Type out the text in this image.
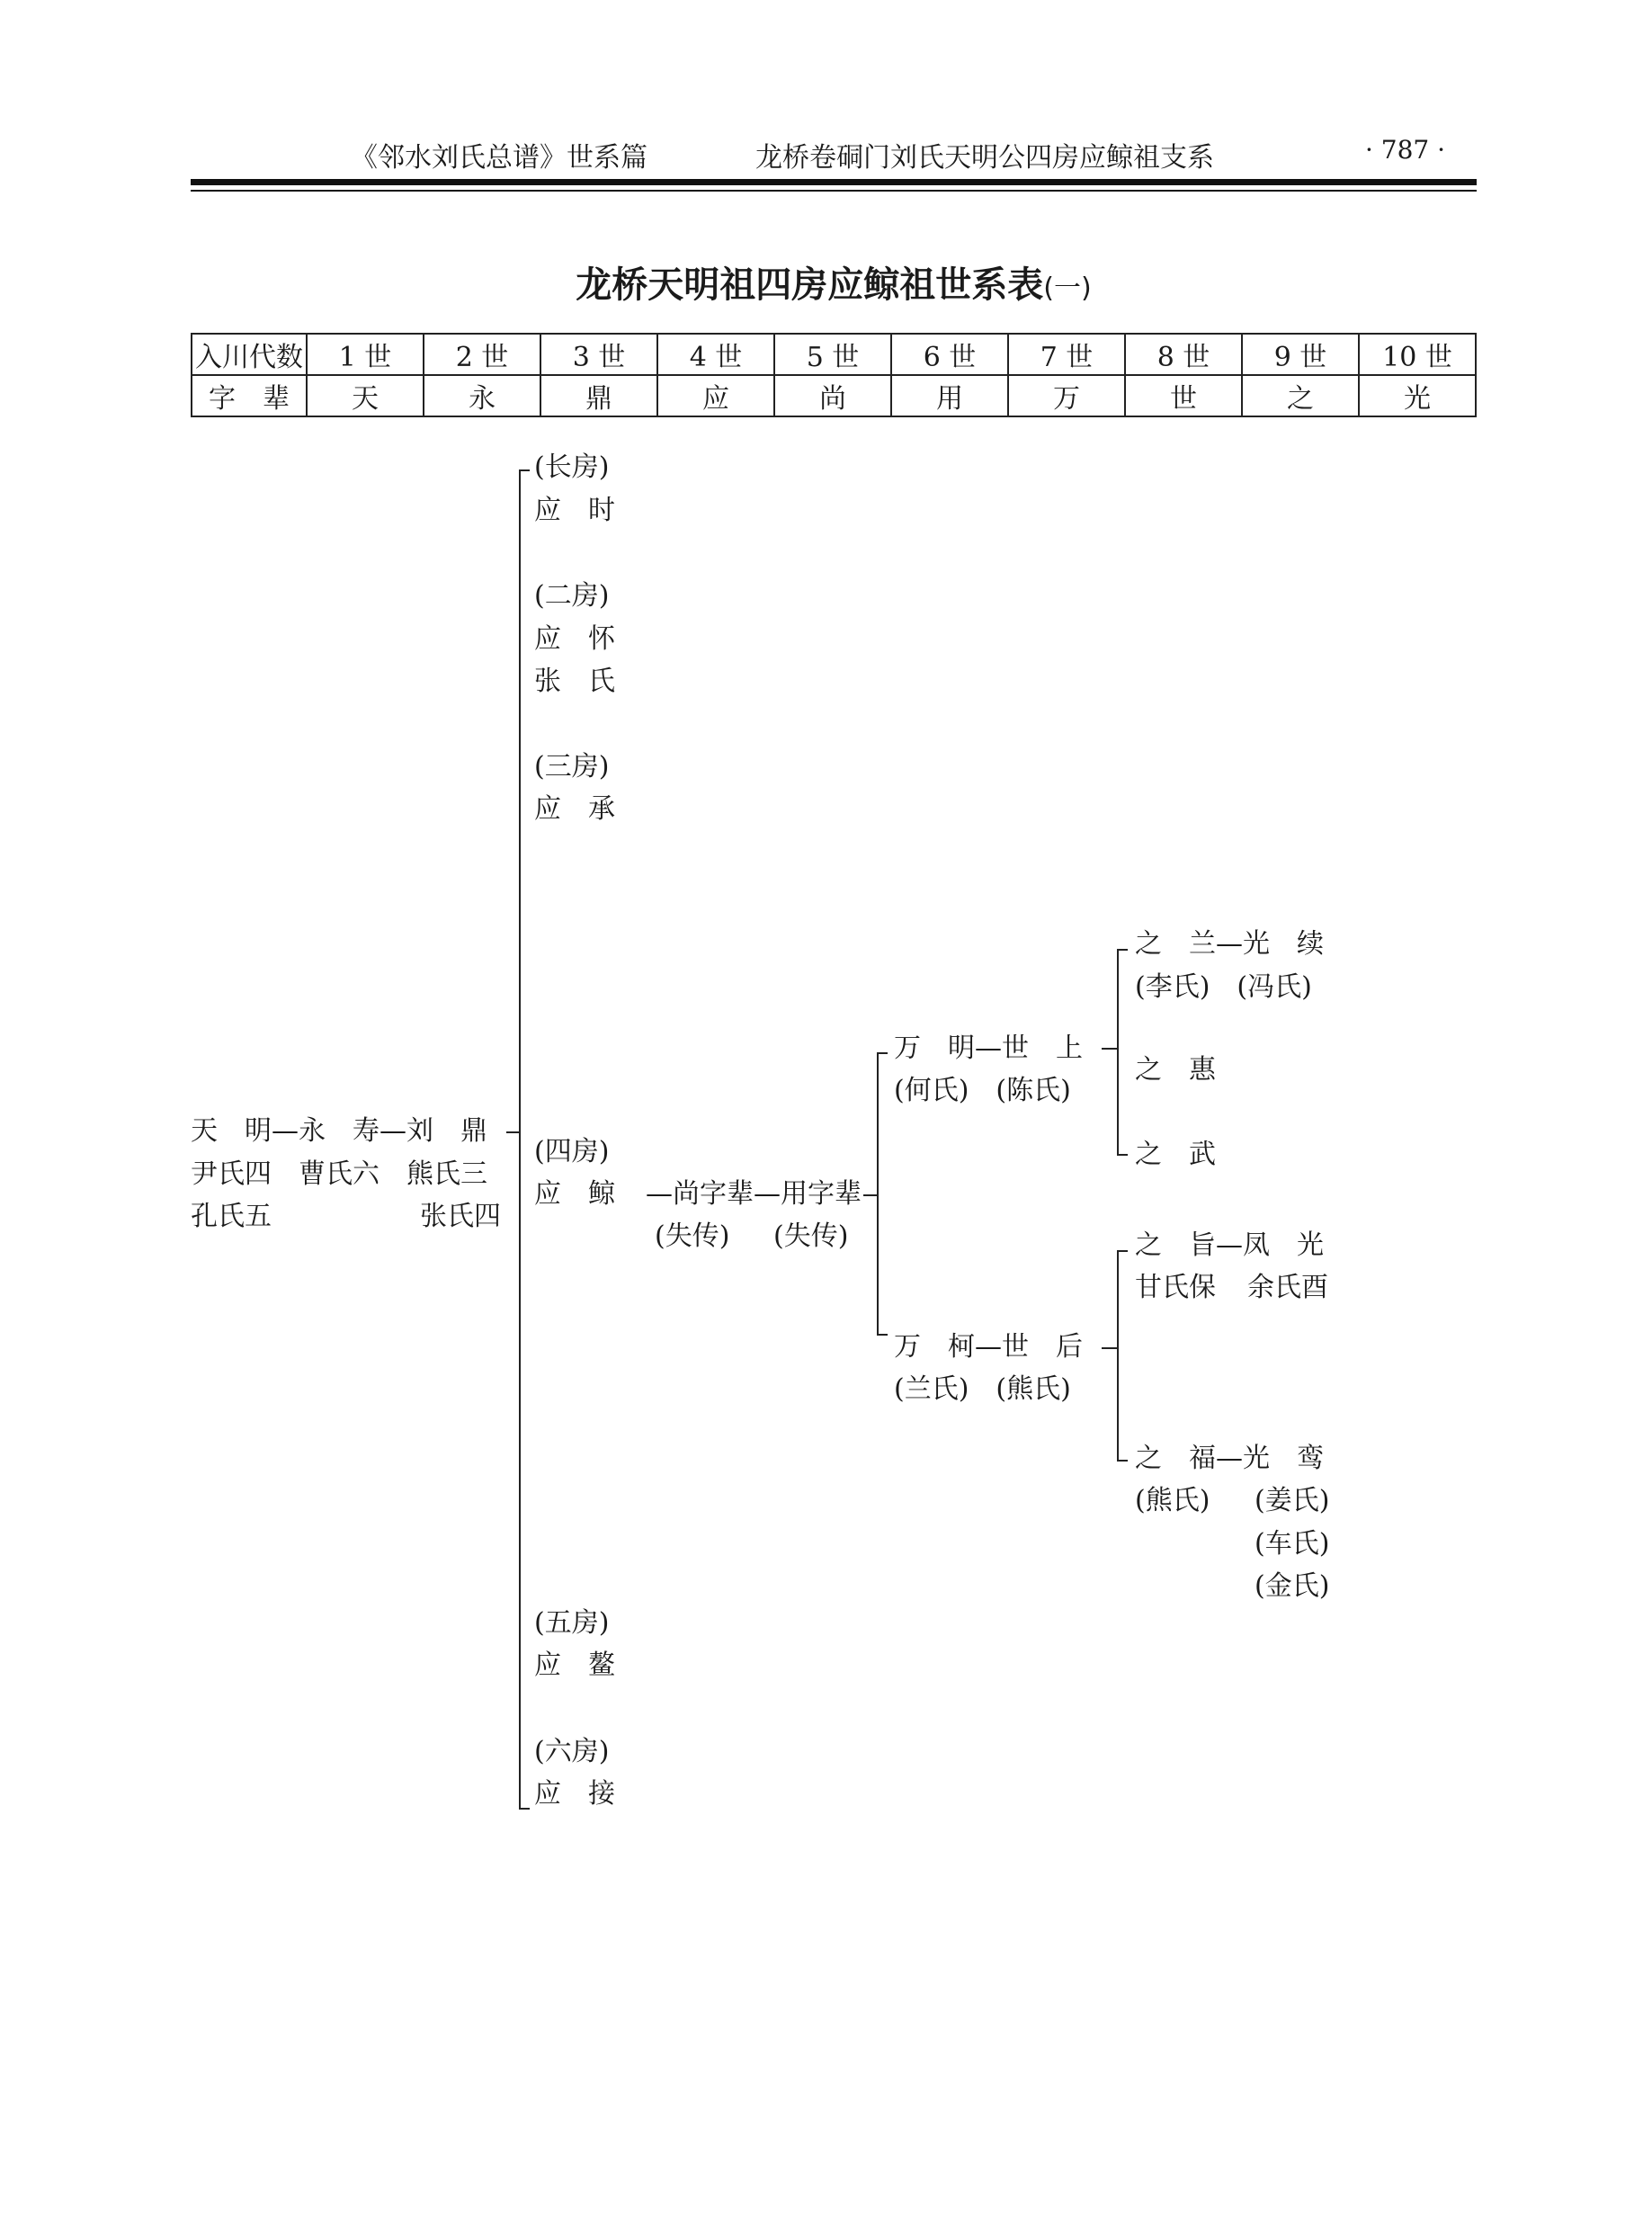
《邻水刘氏总谱》世系篇	龙桥卷硐门刘氏天明公四房应鲸祖支系	· 787 ·
龙桥天明祖四房应鲸祖世系表(一)
入川代数	1 世	2 世	3 世	4 世	5 世	6 世	7 世	8 世	9 世	10 世
字　辈	天	永	鼎	应	尚	用	万	世	之	光
天　明—永　寿—刘　鼎
尹氏四　曹氏六　熊氏三
孔氏五	张氏四
(长房)
应　时
(二房)
应　怀
张　氏
(三房)
应　承
(四房)
应　鲸 —尚字辈—用字辈
(失传) (失传)
(五房)
应　鳌
(六房)
应　接
万　明—世　上
(何氏)　(陈氏)
万　柯—世　后
(兰氏)　(熊氏)
之　兰—光　续
(李氏)　(冯氏)
之　惠
之　武
之　旨—凤　光
甘氏保 余氏酉
之　福—光　鸾
(熊氏) (姜氏)
(车氏)
(金氏)
